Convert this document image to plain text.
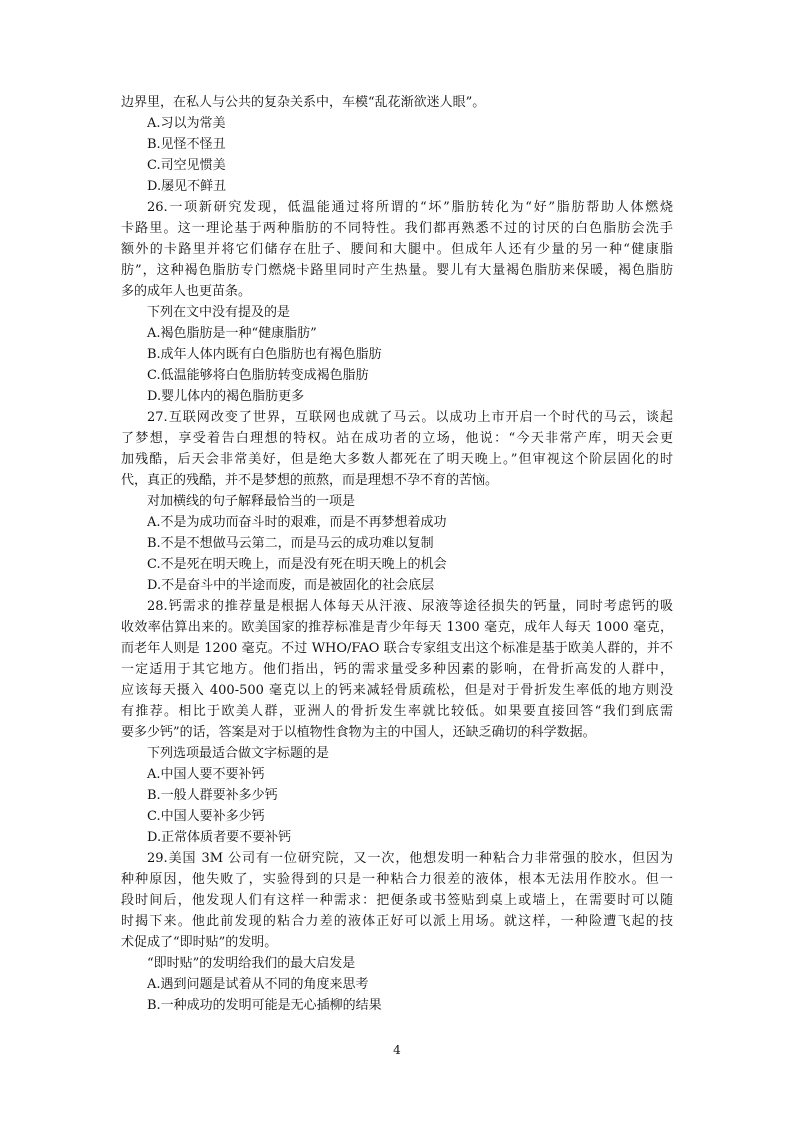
边界里，在私人与公共的复杂关系中，车模“乱花渐欲迷人眼”。
A.习以为常美
B.见怪不怪丑
C.司空见惯美
D.屡见不鲜丑
26.一项新研究发现，低温能通过将所谓的“坏”脂肪转化为“好”脂肪帮助人体燃烧
卡路里。这一理论基于两种脂肪的不同特性。我们都再熟悉不过的讨厌的白色脂肪会洗手
额外的卡路里并将它们储存在肚子、腰间和大腿中。但成年人还有少量的另一种“健康脂
肪”，这种褐色脂肪专门燃烧卡路里同时产生热量。婴儿有大量褐色脂肪来保暖，褐色脂肪
多的成年人也更苗条。
下列在文中没有提及的是
A.褐色脂肪是一种“健康脂肪”
B.成年人体内既有白色脂肪也有褐色脂肪
C.低温能够将白色脂肪转变成褐色脂肪
D.婴儿体内的褐色脂肪更多
27.互联网改变了世界，互联网也成就了马云。以成功上市开启一个时代的马云，谈起
了梦想，享受着告白理想的特权。站在成功者的立场，他说：“今天非常产库，明天会更
加残酷，后天会非常美好，但是绝大多数人都死在了明天晚上。”但审视这个阶层固化的时
代，真正的残酷，并不是梦想的煎熬，而是理想不孕不育的苦恼。
对加横线的句子解释最恰当的一项是
A.不是为成功而奋斗时的艰难，而是不再梦想着成功
B.不是不想做马云第二，而是马云的成功难以复制
C.不是死在明天晚上，而是没有死在明天晚上的机会
D.不是奋斗中的半途而废，而是被固化的社会底层
28.钙需求的推荐量是根据人体每天从汗液、尿液等途径损失的钙量，同时考虑钙的吸
收效率估算出来的。欧美国家的推荐标准是青少年每天 1300 毫克，成年人每天 1000 毫克，
而老年人则是 1200 毫克。不过 WHO/FAO 联合专家组支出这个标准是基于欧美人群的，并不
一定适用于其它地方。他们指出，钙的需求量受多种因素的影响，在骨折高发的人群中，
应该每天摄入 400-500 毫克以上的钙来减轻骨质疏松，但是对于骨折发生率低的地方则没
有推荐。相比于欧美人群，亚洲人的骨折发生率就比较低。如果要直接回答“我们到底需
要多少钙”的话，答案是对于以植物性食物为主的中国人，还缺乏确切的科学数据。
下列选项最适合做文字标题的是
A.中国人要不要补钙
B.一般人群要补多少钙
C.中国人要补多少钙
D.正常体质者要不要补钙
29.美国 3M 公司有一位研究院，又一次，他想发明一种粘合力非常强的胶水，但因为
种种原因，他失败了，实验得到的只是一种粘合力很差的液体，根本无法用作胶水。但一
段时间后，他发现人们有这样一种需求：把便条或书签贴到桌上或墙上，在需要时可以随
时揭下来。他此前发现的粘合力差的液体正好可以派上用场。就这样，一种险遭飞起的技
术促成了“即时贴”的发明。
“即时贴”的发明给我们的最大启发是
A.遇到问题是试着从不同的角度来思考
B.一种成功的发明可能是无心插柳的结果
4
